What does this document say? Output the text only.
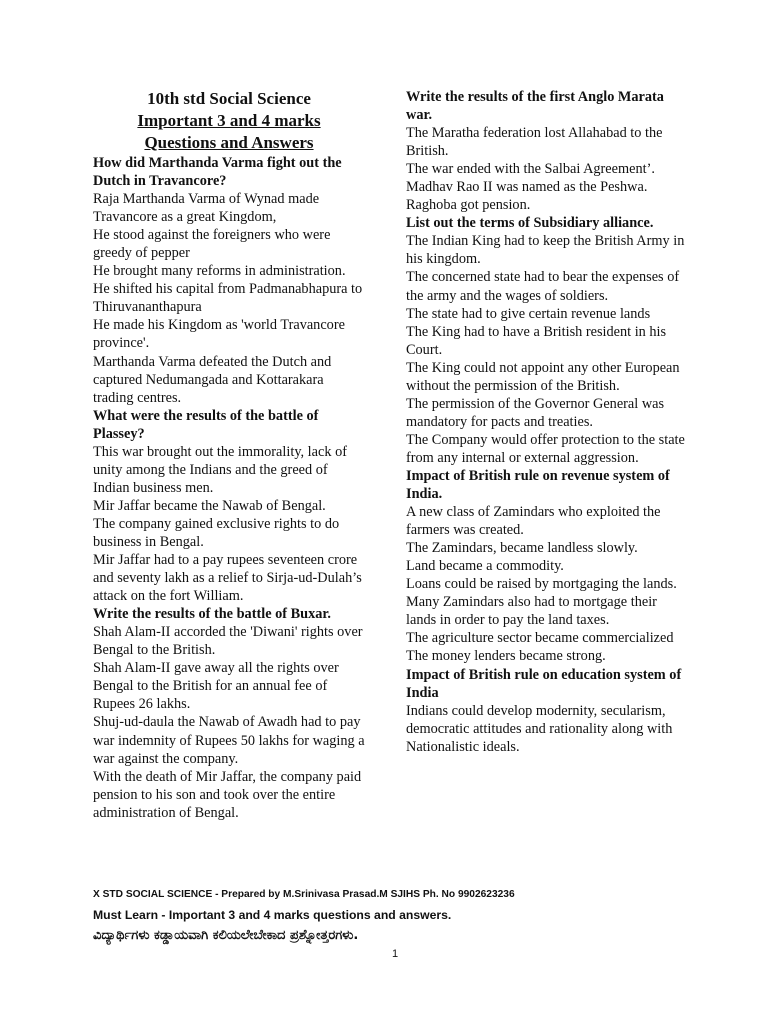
10th std Social Science

Important 3 and 4 marks

Questions and Answers

How did Marthanda Varma fight out the Dutch in Travancore?

Raja Marthanda Varma of Wynad made Travancore as a great Kingdom,

He stood against the foreigners who were greedy of pepper

He brought many reforms in administration.

He shifted his capital from Padmanabhapura to Thiruvananthapura

He made his Kingdom as 'world Travancore province'.

Marthanda Varma defeated the Dutch and captured Nedumangada and Kottarakara trading centres.

What were the results of the battle of Plassey?

This war brought out the immorality, lack of unity among the Indians and the greed of Indian business men.

Mir Jaffar became the Nawab of Bengal.

The company gained exclusive rights to do business in Bengal.

Mir Jaffar had to a pay rupees seventeen crore and seventy lakh as a relief to Sirja-ud-Dulah’s attack on the fort William.

Write the results of the battle of Buxar.

Shah Alam-II accorded the 'Diwani' rights over Bengal to the British.

Shah Alam-II gave away all the rights over Bengal to the British for an annual fee of Rupees 26 lakhs.

Shuj-ud-daula the Nawab of Awadh had to pay war indemnity of Rupees 50 lakhs for waging a war against the company.

With the death of Mir Jaffar, the company paid pension to his son and took over the entire administration of Bengal.

Write the results of the first Anglo Marata war.

The Maratha federation lost Allahabad to the British.

The war ended with the Salbai Agreement’.

Madhav Rao II was named as the Peshwa. Raghoba got pension.

List out the terms of Subsidiary alliance.

The Indian King had to keep the British Army in his kingdom.

The concerned state had to bear the expenses of the army and the wages of soldiers.

The state had to give certain revenue lands

The King had to have a British resident in his Court.

The King could not appoint any other European without the permission of the British.

The permission of the Governor General was mandatory for pacts and treaties.

The Company would offer protection to the state from any internal or external aggression.

Impact of British rule on revenue system of India.

A new class of Zamindars who exploited the farmers was created.

The Zamindars, became landless slowly.

Land became a commodity.

Loans could be raised by mortgaging the lands.

Many Zamindars also had to mortgage their lands in order to pay the land taxes.

The agriculture sector became commercialized

The money lenders became strong.

Impact of British rule on education system of India

Indians could develop modernity, secularism, democratic attitudes and rationality along with Nationalistic ideals.

X STD SOCIAL SCIENCE - Prepared by M.Srinivasa Prasad.M SJIHS Ph. No 9902623236
Must Learn - Important 3 and 4 marks questions and answers.
ವಿದ್ಯಾರ್ಥಿಗಳು ಕಡ್ಡಾಯವಾಗಿ ಕಲಿಯಲೇಬೇಕಾದ ಪ್ರಶ್ನೋತ್ತರಗಳು.
1
